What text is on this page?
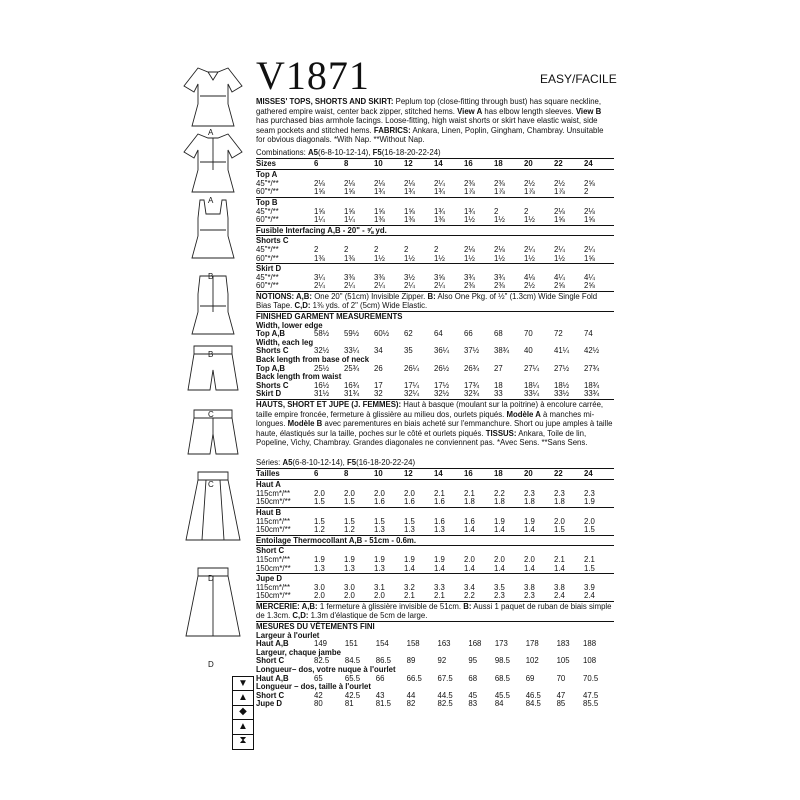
A
A
B
B
C
C
D
D
V1871	EASY/FACILE
MISSES' TOPS, SHORTS AND SKIRT: Peplum top (close-fitting through bust) has square neckline, gathered empire waist, center back zipper, stitched hems. View A has elbow length sleeves. View B has purchased bias armhole facings. Loose-fitting, high waist shorts or skirt have elastic waist, side seam pockets and stitched hems. FABRICS: Ankara, Linen, Poplin, Gingham, Chambray. Unsuitable for obvious diagonals. *With Nap. **Without Nap.
Combinations: A5(6-8-10-12-14), F5(16-18-20-22-24)
Sizes	6	8	10	12	14	16	18	20	22	24
Top A										
45"*/**	2⅛	2⅛	2⅛	2⅛	2¼	2⅜	2⅜	2½	2½	2⅝
60"*/**	1⅝	1⅝	1¾	1¾	1¾	1⅞	1⅞	1⅞	1⅞	2
Top B										
45"*/**	1⅝	1⅝	1⅝	1⅝	1¾	1¾	2	2	2⅛	2⅛
60"*/**	1¼	1¼	1⅜	1⅜	1⅜	1½	1½	1½	1⅝	1⅝
Fusible Interfacing A,B - 20" - ⅝ yd.										
Shorts C										
45"*/**	2	2	2	2	2	2⅛	2⅛	2¼	2¼	2¼
60"*/**	1⅜	1⅜	1½	1½	1½	1½	1½	1½	1½	1⅝
Skirt D										
45"*/**	3¼	3⅜	3⅜	3½	3⅝	3¾	3¾	4⅛	4¼	4¼
60"*/**	2¼	2¼	2¼	2¼	2¼	2⅜	2⅜	2½	2⅝	2⅝
NOTIONS: A,B: One 20" (51cm) Invisible Zipper. B: Also One Pkg. of ½" (1.3cm) Wide Single Fold Bias Tape. C,D: 1⅜ yds. of 2" (5cm) Wide Elastic.
FINISHED GARMENT MEASUREMENTS										
Width, lower edge										
Top A,B	58½	59½	60½	62	64	66	68	70	72	74
Width, each leg										
Shorts C	32½	33¼	34	35	36¼	37½	38¾	40	41¼	42½
Back length from base of neck										
Top A,B	25½	25¾	26	26¼	26½	26¾	27	27¼	27½	27¾
Back length from waist										
Shorts C	16½	16¾	17	17¼	17½	17¾	18	18¼	18½	18¾
Skirt D	31½	31¾	32	32¼	32½	32¾	33	33¼	33½	33¾
HAUTS, SHORT ET JUPE (J. FEMMES): Haut à basque (moulant sur la poitrine) à encolure carrée, taille empire froncée, fermeture à glissière au milieu dos, ourlets piqués. Modèle A à manches mi-longues. Modèle B avec parementures en biais acheté sur l'emmanchure. Short ou jupe amples à taille haute, élastiqués sur la taille, poches sur le côté et ourlets piqués. TISSUS: Ankara, Toile de lin, Popeline, Vichy, Chambray. Grandes diagonales ne conviennent pas. *Avec Sens. **Sans Sens.
Séries: A5(6-8-10-12-14), F5(16-18-20-22-24)
Tailles	6	8	10	12	14	16	18	20	22	24
Haut A										
115cm*/**	2.0	2.0	2.0	2.0	2.1	2.1	2.2	2.3	2.3	2.3
150cm*/**	1.5	1.5	1.6	1.6	1.6	1.8	1.8	1.8	1.8	1.9
Haut B										
115cm*/**	1.5	1.5	1.5	1.5	1.6	1.6	1.9	1.9	2.0	2.0
150cm*/**	1.2	1.2	1.3	1.3	1.3	1.4	1.4	1.4	1.5	1.5
Entoilage Thermocollant A,B - 51cm - 0.6m.										
Short C										
115cm*/**	1.9	1.9	1.9	1.9	1.9	2.0	2.0	2.0	2.1	2.1
150cm*/**	1.3	1.3	1.3	1.4	1.4	1.4	1.4	1.4	1.4	1.5
Jupe D										
115cm*/**	3.0	3.0	3.1	3.2	3.3	3.4	3.5	3.8	3.8	3.9
150cm*/**	2.0	2.0	2.0	2.1	2.1	2.2	2.3	2.3	2.4	2.4
MERCERIE: A,B: 1 fermeture à glissière invisible de 51cm. B: Aussi 1 paquet de ruban de biais simple de 1.3cm. C,D: 1.3m d'élastique de 5cm de large.
MESURES DU VÊTEMENTS FINI										
Largeur à l'ourlet										
Haut A,B	149	151	154	158	163	168	173	178	183	188
Largeur, chaque jambe										
Short C	82.5	84.5	86.5	89	92	95	98.5	102	105	108
Longueur– dos, votre nuque à l'ourlet										
Haut A,B	65	65.5	66	66.5	67.5	68	68.5	69	70	70.5
Longueur – dos, taille à l'ourlet										
Short C	42	42.5	43	44	44.5	45	45.5	46.5	47	47.5
Jupe D	80	81	81.5	82	82.5	83	84	84.5	85	85.5
▼
▲
◆
▲
⧗
